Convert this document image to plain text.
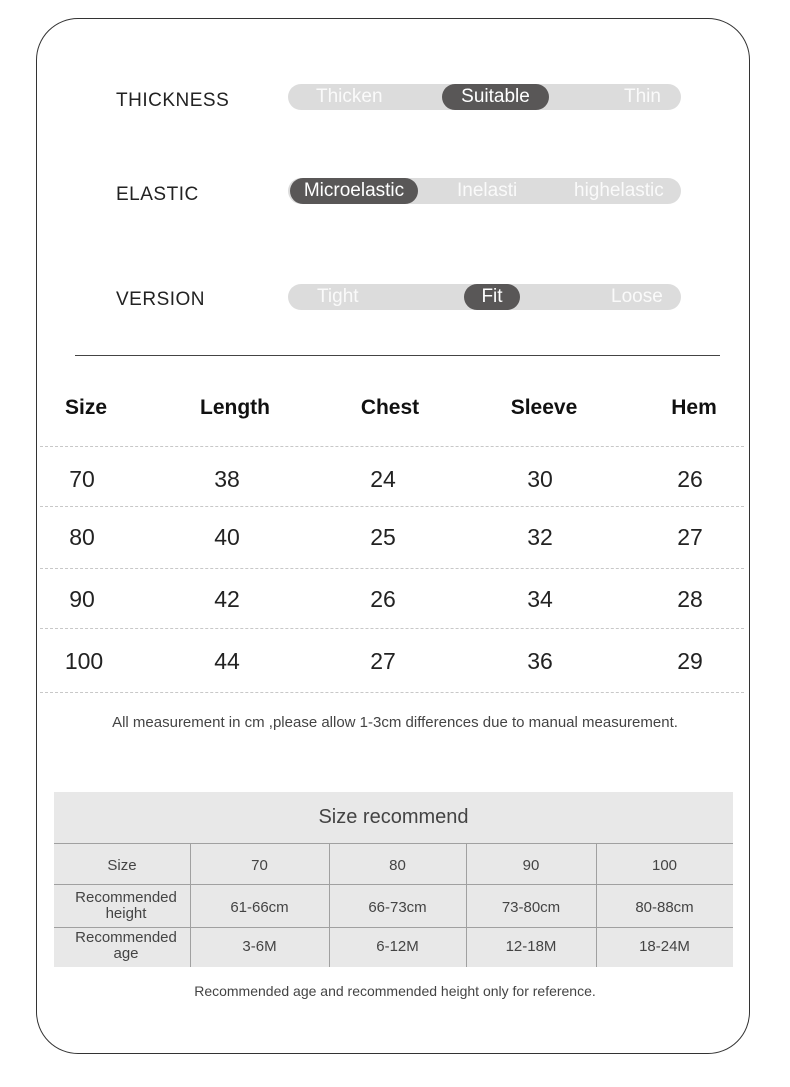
THICKNESS	Thicken	Suitable	Thin
ELASTIC	Microelastic	Inelasti	highelastic
VERSION	Tight	Fit	Loose
Size	Length	Chest	Sleeve	Hem
70	38	24	30	26
80	40	25	32	27
90	42	26	34	28
100	44	27	36	29
All measurement in cm ,please allow 1-3cm differences due to manual measurement.
Size recommend
Size	70	80	90	100
Recommended height	61-66cm	66-73cm	73-80cm	80-88cm
Recommended age	3-6M	6-12M	12-18M	18-24M
Recommended age and recommended height only for reference.
